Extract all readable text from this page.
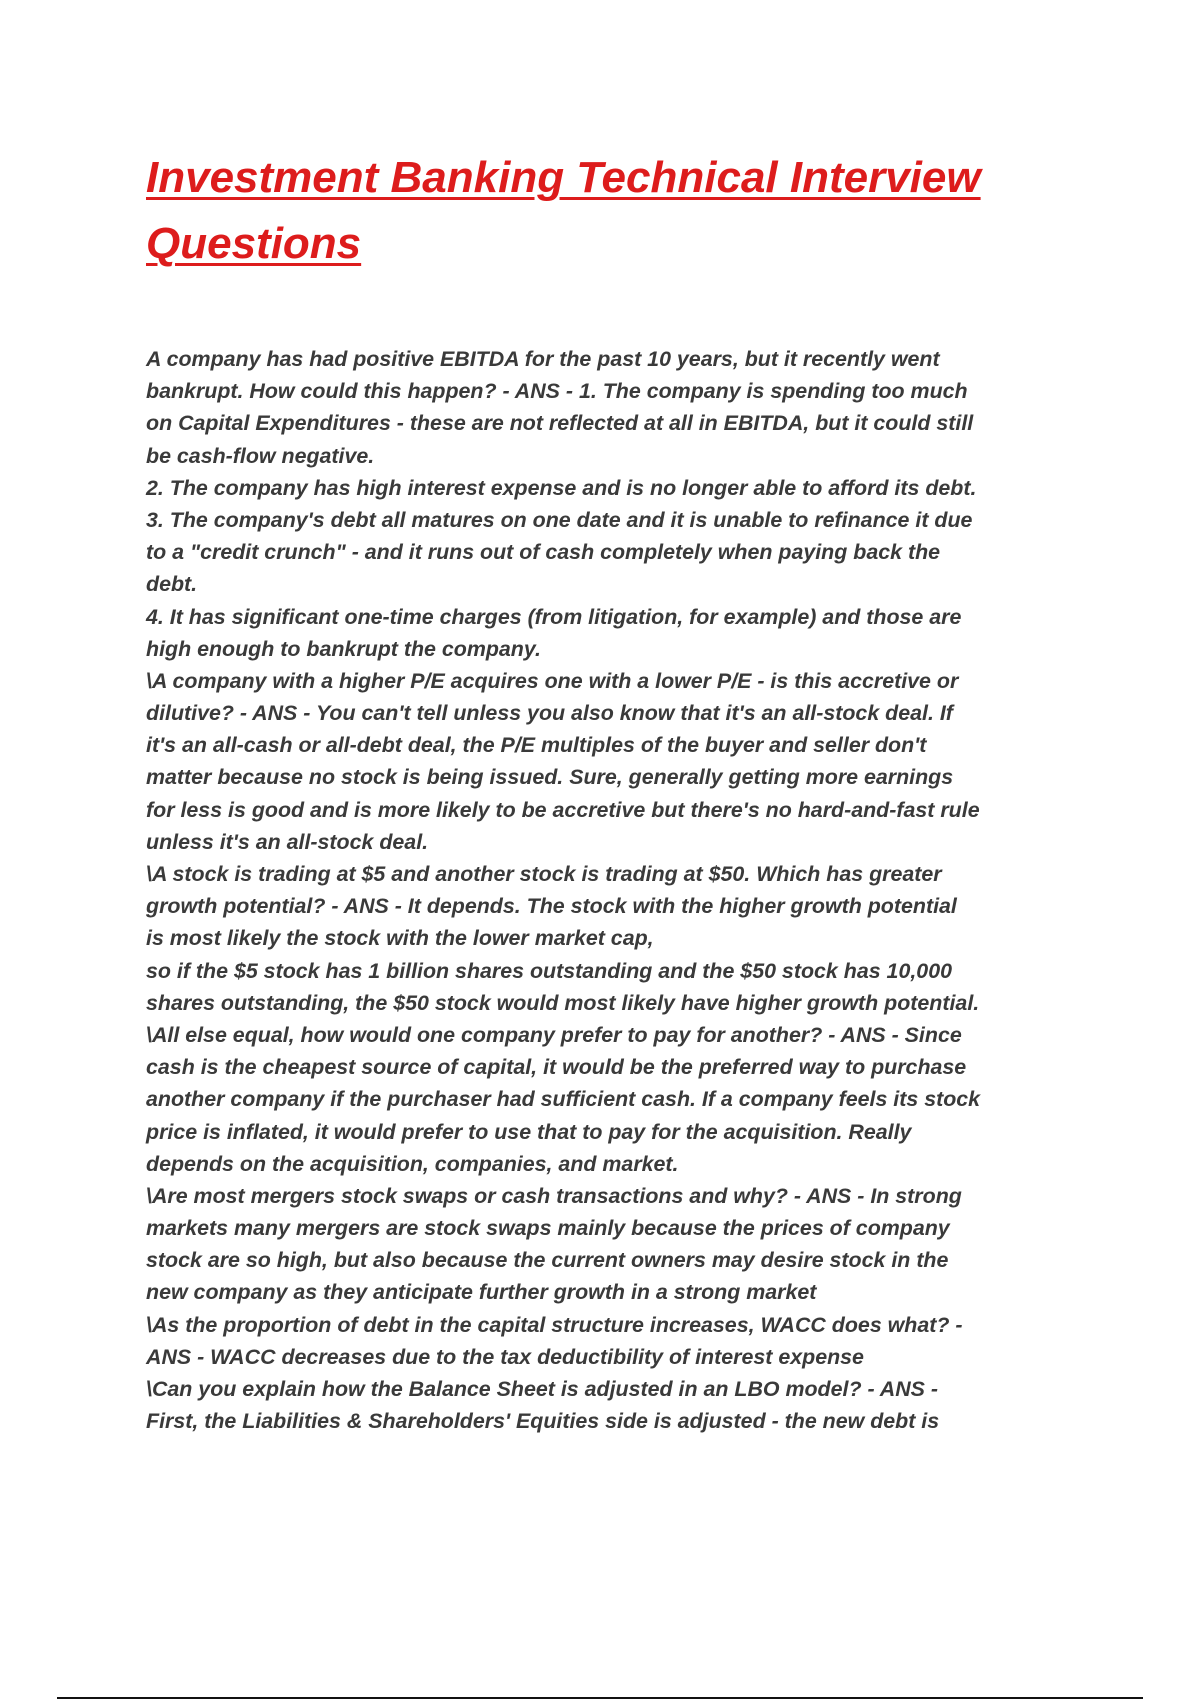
Investment Banking Technical Interview
Questions
A company has had positive EBITDA for the past 10 years, but it recently went
bankrupt. How could this happen? - ANS - 1. The company is spending too much
on Capital Expenditures - these are not reflected at all in EBITDA, but it could still
be cash-flow negative.
2. The company has high interest expense and is no longer able to afford its debt.
3. The company's debt all matures on one date and it is unable to refinance it due
to a "credit crunch" - and it runs out of cash completely when paying back the
debt.
4. It has significant one-time charges (from litigation, for example) and those are
high enough to bankrupt the company.
\A company with a higher P/E acquires one with a lower P/E - is this accretive or
dilutive? - ANS - You can't tell unless you also know that it's an all-stock deal. If
it's an all-cash or all-debt deal, the P/E multiples of the buyer and seller don't
matter because no stock is being issued. Sure, generally getting more earnings
for less is good and is more likely to be accretive but there's no hard-and-fast rule
unless it's an all-stock deal.
\A stock is trading at $5 and another stock is trading at $50. Which has greater
growth potential? - ANS - It depends. The stock with the higher growth potential
is most likely the stock with the lower market cap,
so if the $5 stock has 1 billion shares outstanding and the $50 stock has 10,000
shares outstanding, the $50 stock would most likely have higher growth potential.
\All else equal, how would one company prefer to pay for another? - ANS - Since
cash is the cheapest source of capital, it would be the preferred way to purchase
another company if the purchaser had sufficient cash. If a company feels its stock
price is inflated, it would prefer to use that to pay for the acquisition. Really
depends on the acquisition, companies, and market.
\Are most mergers stock swaps or cash transactions and why? - ANS - In strong
markets many mergers are stock swaps mainly because the prices of company
stock are so high, but also because the current owners may desire stock in the
new company as they anticipate further growth in a strong market
\As the proportion of debt in the capital structure increases, WACC does what? -
ANS - WACC decreases due to the tax deductibility of interest expense
\Can you explain how the Balance Sheet is adjusted in an LBO model? - ANS -
First, the Liabilities & Shareholders' Equities side is adjusted - the new debt is
